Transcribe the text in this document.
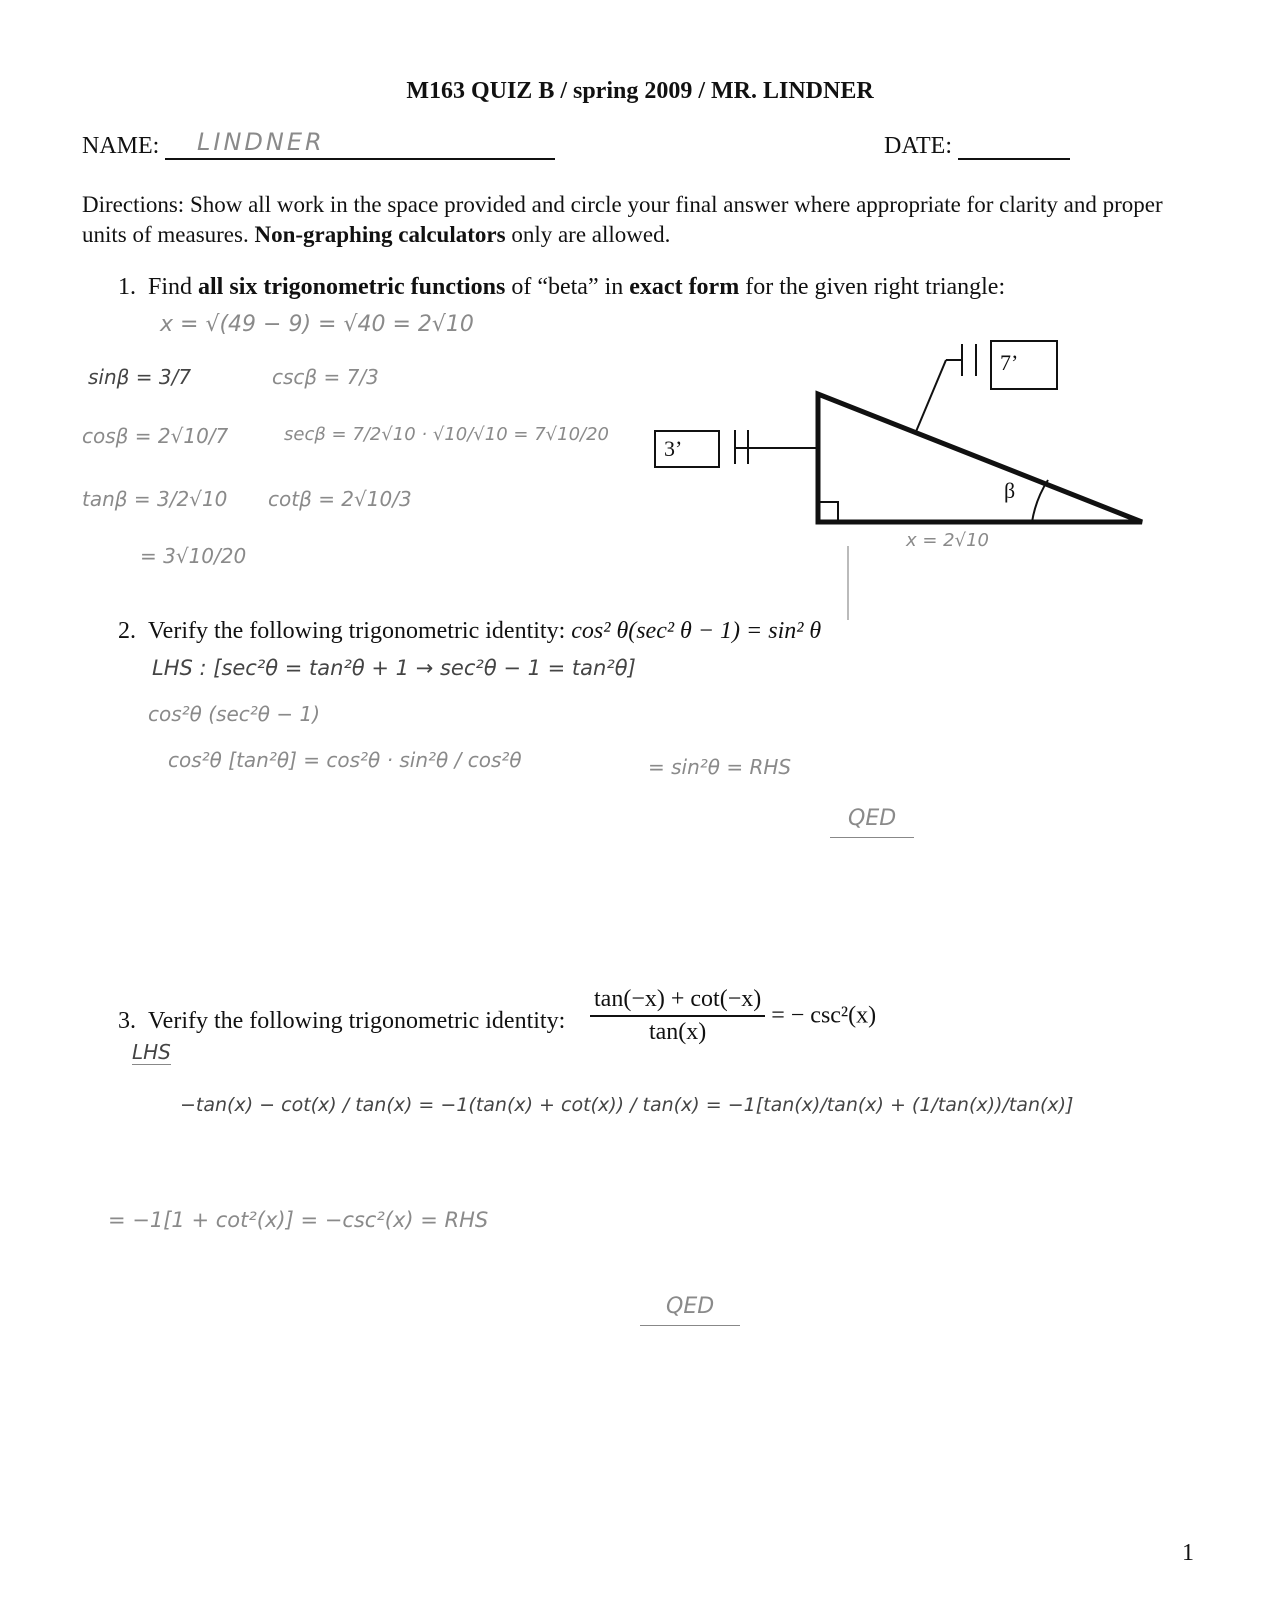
M163 QUIZ B / spring 2009 / MR. LINDNER
NAME: LINDNER	DATE:
Directions: Show all work in the space provided and circle your final answer where appropriate for clarity and proper units of measures. Non-graphing calculators only are allowed.
1. Find all six trigonometric functions of “beta” in exact form for the given right triangle:
x = √(49 − 9) = √40 = 2√10
sinβ = 3/7	cscβ = 7/3
cosβ = 2√10/7	secβ = 7/2√10 · √10/√10 = 7√10/20
tanβ = 3/2√10 cotβ = 2√10/3
= 3√10/20
7’
3’
β
x = 2√10
2. Verify the following trigonometric identity: cos² θ(sec² θ − 1) = sin² θ
LHS : [sec²θ = tan²θ + 1 → sec²θ − 1 = tan²θ]
cos²θ (sec²θ − 1)
cos²θ [tan²θ] = cos²θ · sin²θ / cos²θ	= sin²θ = RHS
QED
3. Verify the following trigonometric identity: $\frac{\tan(-x) + \cot(-x)}{\tan(x)}$ = − csc²(x)
LHS
−tan(x) − cot(x) / tan(x) = −1(tan(x) + cot(x)) / tan(x) = −1[tan(x)/tan(x) + (1/tan(x))/tan(x)]
= −1[1 + cot²(x)] = −csc²(x) = RHS
QED
1
